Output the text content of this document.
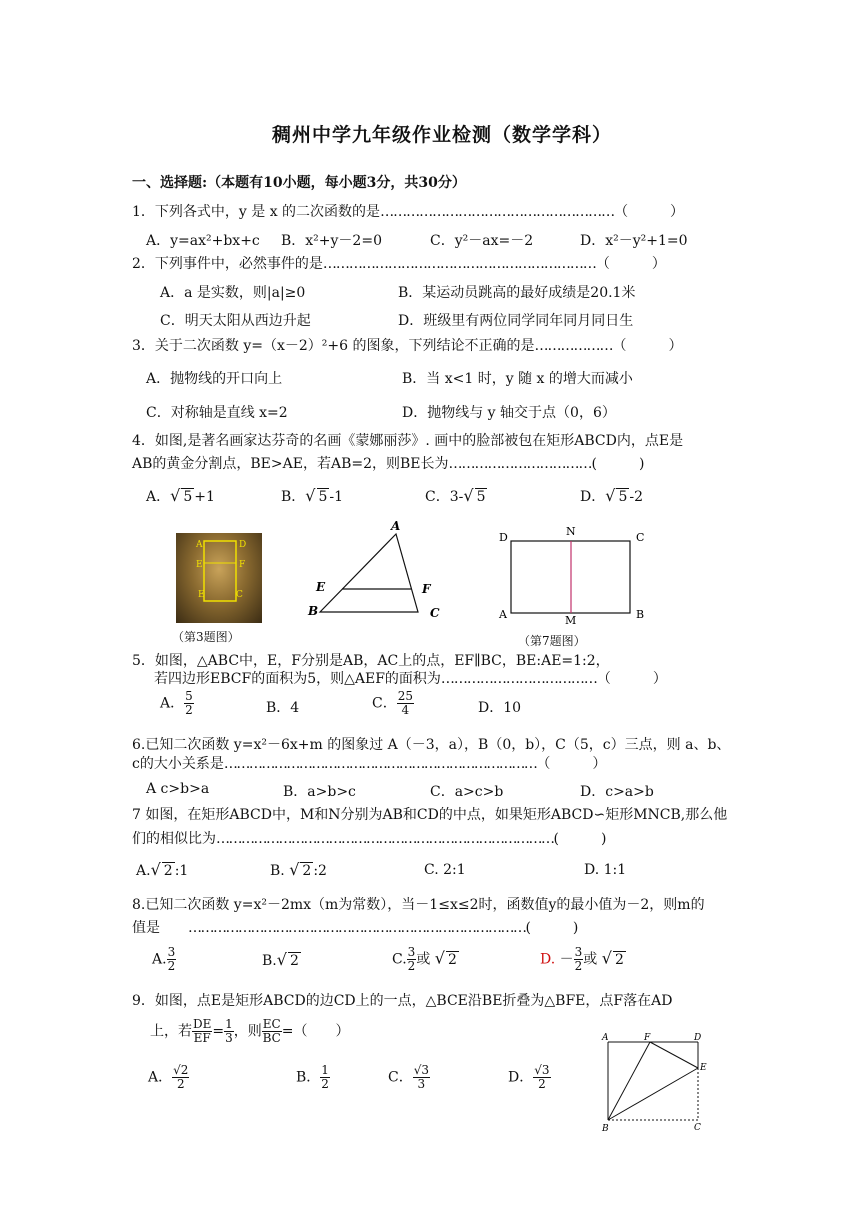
稠州中学九年级作业检测（数学学科）
一、选择题:（本题有10小题，每小题3分，共30分）
1．下列各式中，y 是 x 的二次函数的是………………………………………………（　　　）
A．y=ax²+bx+c B．x²+y－2=0	C．y²－ax=－2	D．x²－y²+1=0
2．下列事件中，必然事件的是………………………………………………………（　　　）
A．a 是实数，则|a|≥0	B．某运动员跳高的最好成绩是20.1米
C．明天太阳从西边升起	D．班级里有两位同学同年同月同日生
3．关于二次函数 y=（x－2）²+6 的图象，下列结论不正确的是………………（　　　）
A．抛物线的开口向上	B．当 x<1 时，y 随 x 的增大而减小
C．对称轴是直线 x=2	D．抛物线与 y 轴交于点（0，6）
4．如图,是著名画家达芬奇的名画《蒙娜丽莎》. 画中的脸部被包在矩形ABCD内，点E是
AB的黄金分割点，BE>AE，若AB=2，则BE长为……………………………(　　　)
A．√ 5 +1	B．√ 5 -1	C．3-√ 5	D．√ 5 -2
A	D
E	F
E	C
（第3题图）
A
E	F
B	C
D	N	C
A	M	B
（第7题图）
5．如图，△ABC中，E，F分别是AB，AC上的点，EF∥BC，BE:AE=1:2，
若四边形EBCF的面积为5，则△AEF的面积为………………………………（　　　）
A． $\frac{5}{2}$	B．4	C． $\frac{25}{4}$	D．10
6.已知二次函数 y=x²－6x+m 的图象过 A（－3，a），B（0，b），C（5，c）三点，则 a、b、
c的大小关系是…………………………………………………………………（　　　）
A c>b>a	B．a>b>c	C．a>c>b	D．c>a>b
7 如图，在矩形ABCD中，M和N分别为AB和CD的中点，如果矩形ABCD∽矩形MNCB,那么他
们的相似比为………………………………………………………………………(　　　)
A.√ 2 :1	B. √ 2 :2	C. 2:1	D. 1:1
8.已知二次函数 y=x²－2mx（m为常数），当－1≤x≤2时，函数值y的最小值为－2，则m的
值是　　 ………………………………………………………………………(　　　)
A. $\frac{3}{2}$	B.√ 2	C. $\frac{3}{2}$ 或 √ 2	D. － $\frac{3}{2}$ 或 √ 2
9．如图，点E是矩形ABCD的边CD上的一点，△BCE沿BE折叠为△BFE，点F落在AD
上，若 $\frac{DE}{EF} = \frac{1}{3}$ ，则 $\frac{EC}{BC}$ =（　　）
A． $\frac{√2}{2}$	B． $\frac{1}{2}$	C． $\frac{√3}{3}$	D． $\frac{√3}{2}$
A	F	D
E
B	C
